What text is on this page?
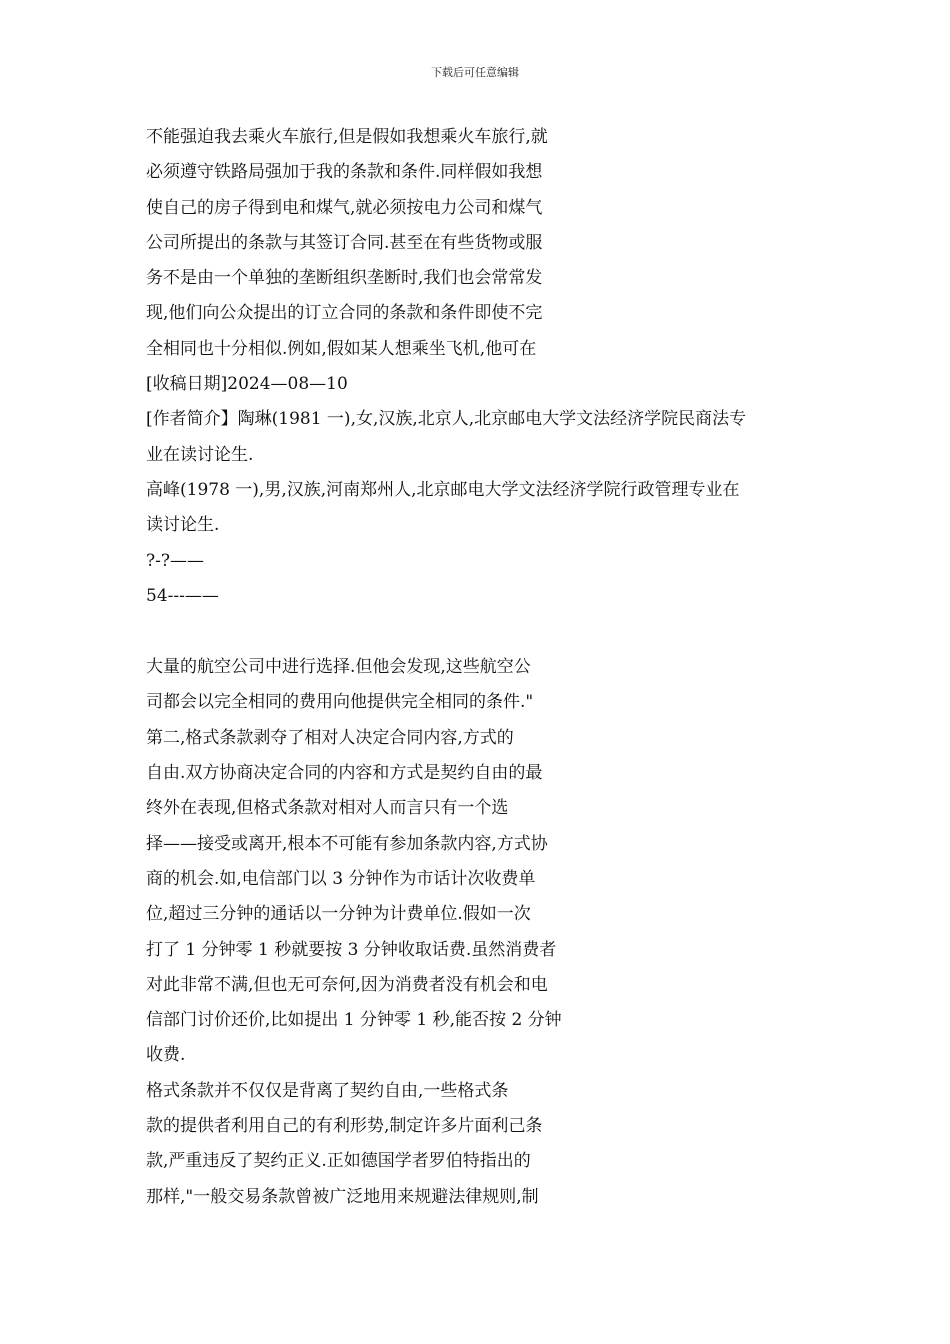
下载后可任意编辑
不能强迫我去乘火车旅行,但是假如我想乘火车旅行,就
必须遵守铁路局强加于我的条款和条件.同样假如我想
使自己的房子得到电和煤气,就必须按电力公司和煤气
公司所提出的条款与其签订合同.甚至在有些货物或服
务不是由一个单独的垄断组织垄断时,我们也会常常发
现,他们向公众提出的订立合同的条款和条件即使不完
全相同也十分相似.例如,假如某人想乘坐飞机,他可在
[收稿日期]2024—08—10
[作者简介】陶琳(1981 一),女,汉族,北京人,北京邮电大学文法经济学院民商法专
业在读讨论生.
高峰(1978 一),男,汉族,河南郑州人,北京邮电大学文法经济学院行政管理专业在
读讨论生.
?-?——
54---——
大量的航空公司中进行选择.但他会发现,这些航空公
司都会以完全相同的费用向他提供完全相同的条件."
第二,格式条款剥夺了相对人决定合同内容,方式的
自由.双方协商决定合同的内容和方式是契约自由的最
终外在表现,但格式条款对相对人而言只有一个选
择——接受或离开,根本不可能有参加条款内容,方式协
商的机会.如,电信部门以 3 分钟作为市话计次收费单
位,超过三分钟的通话以一分钟为计费单位.假如一次
打了 1 分钟零 1 秒就要按 3 分钟收取话费.虽然消费者
对此非常不满,但也无可奈何,因为消费者没有机会和电
信部门讨价还价,比如提出 1 分钟零 1 秒,能否按 2 分钟
收费.
格式条款并不仅仅是背离了契约自由,一些格式条
款的提供者利用自己的有利形势,制定许多片面利己条
款,严重违反了契约正义.正如德国学者罗伯特指出的
那样,"一般交易条款曾被广泛地用来规避法律规则,制
